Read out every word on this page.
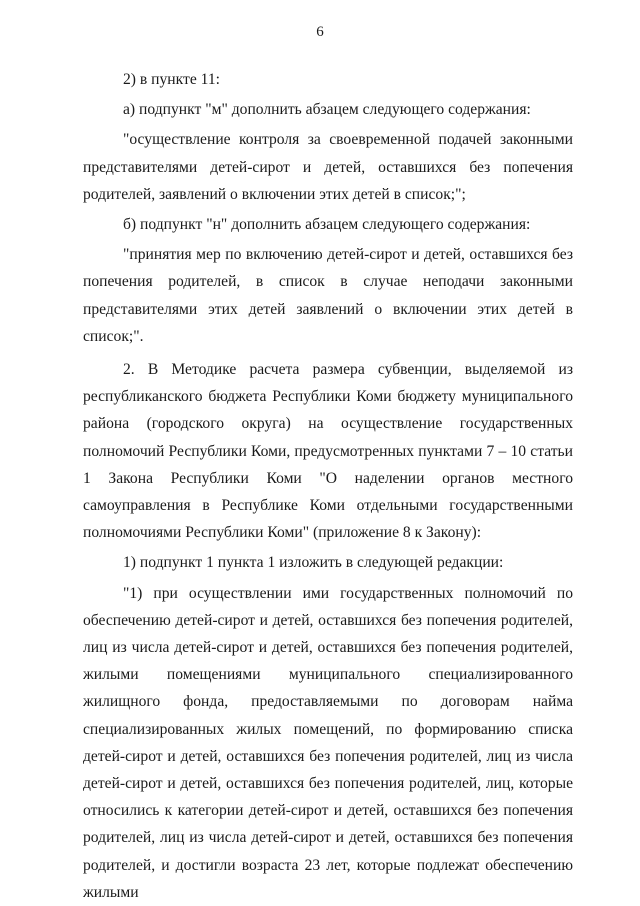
6

2) в пункте 11:

а) подпункт "м" дополнить абзацем следующего содержания:

"осуществление контроля за своевременной подачей законными представителями детей-сирот и детей, оставшихся без попечения родителей, заявлений о включении этих детей в список;";

б) подпункт "н" дополнить абзацем следующего содержания:

"принятия мер по включению детей-сирот и детей, оставшихся без попечения родителей, в список в случае неподачи законными представителями этих детей заявлений о включении этих детей в список;".

2. В Методике расчета размера субвенции, выделяемой из республиканского бюджета Республики Коми бюджету муниципального района (городского округа) на осуществление государственных полномочий Республики Коми, предусмотренных пунктами 7 – 10 статьи 1 Закона Республики Коми "О наделении органов местного самоуправления в Республике Коми отдельными государственными полномочиями Республики Коми" (приложение 8 к Закону):

1) подпункт 1 пункта 1 изложить в следующей редакции:

"1) при осуществлении ими государственных полномочий по обеспечению детей-сирот и детей, оставшихся без попечения родителей, лиц из числа детей-сирот и детей, оставшихся без попечения родителей, жилыми помещениями муниципального специализированного жилищного фонда, предоставляемыми по договорам найма специализированных жилых помещений, по формированию списка детей-сирот и детей, оставшихся без попечения родителей, лиц из числа детей-сирот и детей, оставшихся без попечения родителей, лиц, которые относились к категории детей-сирот и детей, оставшихся без попечения родителей, лиц из числа детей-сирот и детей, оставшихся без попечения родителей, и достигли возраста 23 лет, которые подлежат обеспечению жилыми
